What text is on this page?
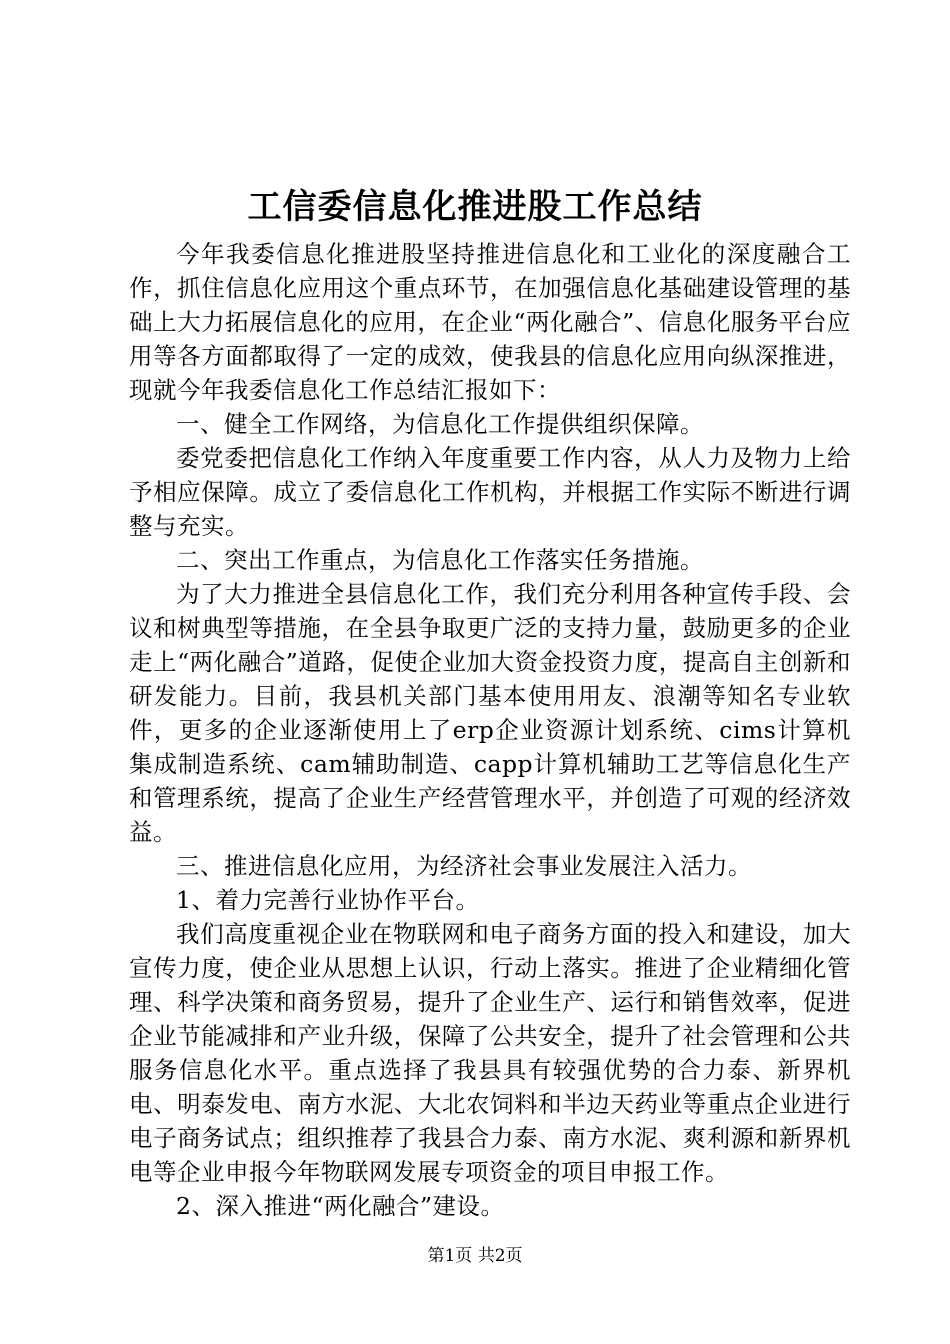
工信委信息化推进股工作总结

今年我委信息化推进股坚持推进信息化和工业化的深度融合工作，抓住信息化应用这个重点环节，在加强信息化基础建设管理的基础上大力拓展信息化的应用，在企业“两化融合”、信息化服务平台应用等各方面都取得了一定的成效，使我县的信息化应用向纵深推进，现就今年我委信息化工作总结汇报如下：

一、健全工作网络，为信息化工作提供组织保障。

委党委把信息化工作纳入年度重要工作内容，从人力及物力上给予相应保障。成立了委信息化工作机构，并根据工作实际不断进行调整与充实。

二、突出工作重点，为信息化工作落实任务措施。

为了大力推进全县信息化工作，我们充分利用各种宣传手段、会议和树典型等措施，在全县争取更广泛的支持力量，鼓励更多的企业走上“两化融合”道路，促使企业加大资金投资力度，提高自主创新和研发能力。目前，我县机关部门基本使用用友、浪潮等知名专业软件，更多的企业逐渐使用上了erp企业资源计划系统、cims计算机集成制造系统、cam辅助制造、capp计算机辅助工艺等信息化生产和管理系统，提高了企业生产经营管理水平，并创造了可观的经济效益。

三、推进信息化应用，为经济社会事业发展注入活力。

1、着力完善行业协作平台。

我们高度重视企业在物联网和电子商务方面的投入和建设，加大宣传力度，使企业从思想上认识，行动上落实。推进了企业精细化管理、科学决策和商务贸易，提升了企业生产、运行和销售效率，促进企业节能减排和产业升级，保障了公共安全，提升了社会管理和公共服务信息化水平。重点选择了我县具有较强优势的合力泰、新界机电、明泰发电、南方水泥、大北农饲料和半边天药业等重点企业进行电子商务试点；组织推荐了我县合力泰、南方水泥、爽利源和新界机电等企业申报今年物联网发展专项资金的项目申报工作。

2、深入推进“两化融合”建设。

第1页 共2页
